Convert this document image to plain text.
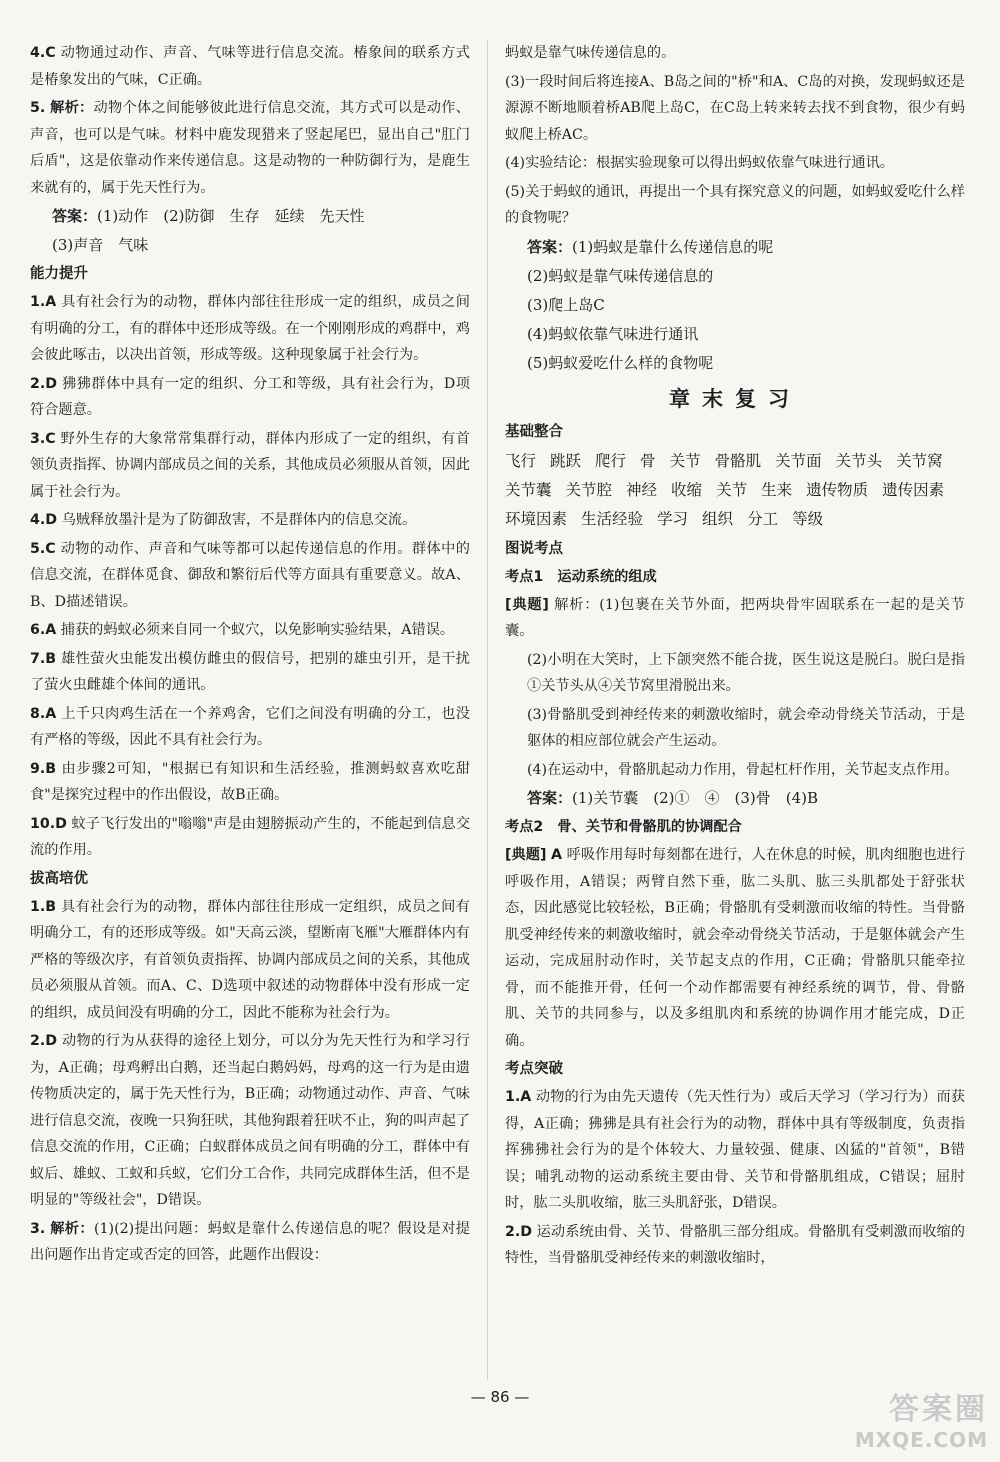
4.C 动物通过动作、声音、气味等进行信息交流。椿象间的联系方式是椿象发出的气味，C正确。

5. 解析：动物个体之间能够彼此进行信息交流，其方式可以是动作、声音，也可以是气味。材料中鹿发现猎来了竖起尾巴，显出自己"肛门后盾"，这是依靠动作来传递信息。这是动物的一种防御行为，是鹿生来就有的，属于先天性行为。

答案：(1)动作　(2)防御　生存　延续　先天性

(3)声音　气味

能力提升

1.A 具有社会行为的动物，群体内部往往形成一定的组织，成员之间有明确的分工，有的群体中还形成等级。在一个刚刚形成的鸡群中，鸡会彼此啄击，以决出首领，形成等级。这种现象属于社会行为。

2.D 狒狒群体中具有一定的组织、分工和等级，具有社会行为，D项符合题意。

3.C 野外生存的大象常常集群行动，群体内形成了一定的组织，有首领负责指挥、协调内部成员之间的关系，其他成员必须服从首领，因此属于社会行为。

4.D 乌贼释放墨汁是为了防御敌害，不是群体内的信息交流。

5.C 动物的动作、声音和气味等都可以起传递信息的作用。群体中的信息交流，在群体觅食、御敌和繁衍后代等方面具有重要意义。故A、B、D描述错误。

6.A 捕获的蚂蚁必须来自同一个蚁穴，以免影响实验结果，A错误。

7.B 雄性萤火虫能发出模仿雌虫的假信号，把别的雄虫引开，是干扰了萤火虫雌雄个体间的通讯。

8.A 上千只肉鸡生活在一个养鸡舍，它们之间没有明确的分工，也没有严格的等级，因此不具有社会行为。

9.B 由步骤2可知，"根据已有知识和生活经验，推测蚂蚁喜欢吃甜食"是探究过程中的作出假设，故B正确。

10.D 蚊子飞行发出的"嗡嗡"声是由翅膀振动产生的，不能起到信息交流的作用。

拔高培优

1.B 具有社会行为的动物，群体内部往往形成一定组织，成员之间有明确分工，有的还形成等级。如"天高云淡，望断南飞雁"大雁群体内有严格的等级次序，有首领负责指挥、协调内部成员之间的关系，其他成员必须服从首领。而A、C、D选项中叙述的动物群体中没有形成一定的组织，成员间没有明确的分工，因此不能称为社会行为。

2.D 动物的行为从获得的途径上划分，可以分为先天性行为和学习行为，A正确；母鸡孵出白鹅，还当起白鹅妈妈，母鸡的这一行为是由遗传物质决定的，属于先天性行为，B正确；动物通过动作、声音、气味进行信息交流，夜晚一只狗狂吠，其他狗跟着狂吠不止，狗的叫声起了信息交流的作用，C正确；白蚁群体成员之间有明确的分工，群体中有蚁后、雄蚁、工蚁和兵蚁，它们分工合作，共同完成群体生活，但不是明显的"等级社会"，D错误。

3. 解析：(1)(2)提出问题：蚂蚁是靠什么传递信息的呢？假设是对提出问题作出肯定或否定的回答，此题作出假设：

蚂蚁是靠气味传递信息的。

(3)一段时间后将连接A、B岛之间的"桥"和A、C岛的对换，发现蚂蚁还是源源不断地顺着桥AB爬上岛C，在C岛上转来转去找不到食物，很少有蚂蚁爬上桥AC。

(4)实验结论：根据实验现象可以得出蚂蚁依靠气味进行通讯。

(5)关于蚂蚁的通讯，再提出一个具有探究意义的问题，如蚂蚁爱吃什么样的食物呢？

答案：(1)蚂蚁是靠什么传递信息的呢

(2)蚂蚁是靠气味传递信息的

(3)爬上岛C

(4)蚂蚁依靠气味进行通讯

(5)蚂蚁爱吃什么样的食物呢

章末复习
基础整合

飞行 跳跃 爬行 骨 关节 骨骼肌 关节面 关节头 关节窝关节囊 关节腔 神经 收缩 关节 生来 遗传物质 遗传因素环境因素 生活经验 学习 组织 分工 等级

图说考点
考点1　运动系统的组成

[典题] 解析：(1)包裹在关节外面，把两块骨牢固联系在一起的是关节囊。

(2)小明在大笑时，上下颌突然不能合拢，医生说这是脱臼。脱臼是指①关节头从④关节窝里滑脱出来。

(3)骨骼肌受到神经传来的刺激收缩时，就会牵动骨绕关节活动，于是躯体的相应部位就会产生运动。

(4)在运动中，骨骼肌起动力作用，骨起杠杆作用，关节起支点作用。

答案：(1)关节囊　(2)①　④　(3)骨　(4)B

考点2　骨、关节和骨骼肌的协调配合

[典题] A 呼吸作用每时每刻都在进行，人在休息的时候，肌肉细胞也进行呼吸作用，A错误；两臂自然下垂，肱二头肌、肱三头肌都处于舒张状态，因此感觉比较轻松，B正确；骨骼肌有受刺激而收缩的特性。当骨骼肌受神经传来的刺激收缩时，就会牵动骨绕关节活动，于是躯体就会产生运动，完成屈肘动作时，关节起支点的作用，C正确；骨骼肌只能牵拉骨，而不能推开骨，任何一个动作都需要有神经系统的调节，骨、骨骼肌、关节的共同参与，以及多组肌肉和系统的协调作用才能完成，D正确。

考点突破

1.A 动物的行为由先天遗传（先天性行为）或后天学习（学习行为）而获得，A正确；狒狒是具有社会行为的动物，群体中具有等级制度，负责指挥狒狒社会行为的是个体较大、力量较强、健康、凶猛的"首领"，B错误；哺乳动物的运动系统主要由骨、关节和骨骼肌组成，C错误；屈肘时，肱二头肌收缩，肱三头肌舒张，D错误。

2.D 运动系统由骨、关节、骨骼肌三部分组成。骨骼肌有受刺激而收缩的特性，当骨骼肌受神经传来的刺激收缩时，

— 86 —	答案圈
MXQE.COM
